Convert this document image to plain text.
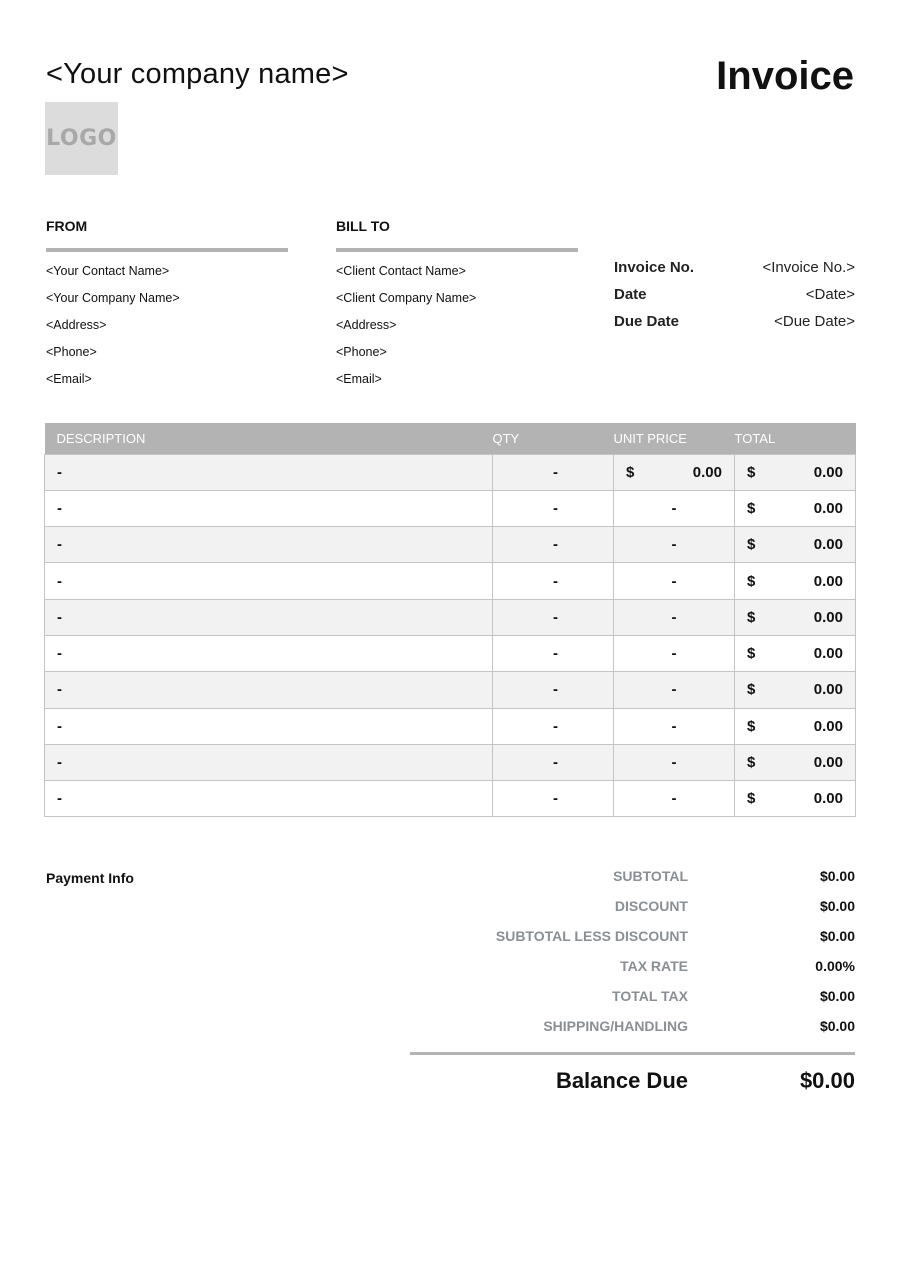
<Your company name>	Invoice
LOGO
FROM
<Your Contact Name>
<Your Company Name>
<Address>
<Phone>
<Email>
BILL TO
<Client Contact Name>
<Client Company Name>
<Address>
<Phone>
<Email>
Invoice No.	<Invoice No.>
Date	<Date>
Due Date	<Due Date>
DESCRIPTION	QTY	UNIT PRICE	TOTAL
-	-	$ 0.00	$ 0.00

-	-	-	$ 0.00

-	-	-	$ 0.00

-	-	-	$ 0.00

-	-	-	$ 0.00

-	-	-	$ 0.00

-	-	-	$ 0.00

-	-	-	$ 0.00

-	-	-	$ 0.00

-	-	-	$ 0.00
Payment Info	SUBTOTAL	$0.00
DISCOUNT	$0.00
SUBTOTAL LESS DISCOUNT	$0.00
TAX RATE	0.00%
TOTAL TAX	$0.00
SHIPPING/HANDLING	$0.00
Balance Due	$0.00
